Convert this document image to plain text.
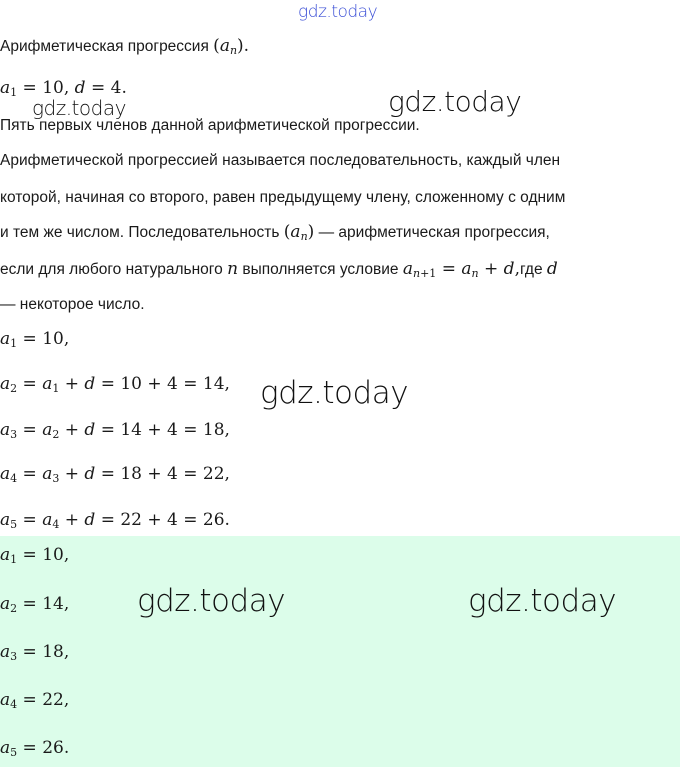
gdz.today
Арифметическая прогрессия $(a_n)$.
$a_1 = 10$, d = 4.
Пять первых членов данной арифметической прогрессии.
Арифметической прогрессией называется последовательность, каждый член
которой, начиная со второго, равен предыдущему члену, сложенному с одним
и тем же числом. Последовательность $(a_n)$ — арифметическая прогрессия,
если для любого натурального n выполняется условие $a_{n+1} = a_n + d,где$ d
— некоторое число.
$a_1 = 10$,
$a_2 = a_1 + d = 10 + 4 = 14$,
$a_3 = a_2 + d = 14 + 4 = 18$,
$a_4 = a_3 + d = 18 + 4 = 22$,
$a_5 = a_4 + d = 22 + 4 = 26$.
$a_1 = 10$,
$a_2 = 14$,
$a_3 = 18$,
$a_4 = 22$,
$a_5 = 26$.
gdz.today	gdz.today
gdz.today
gdz.today	gdz.today
